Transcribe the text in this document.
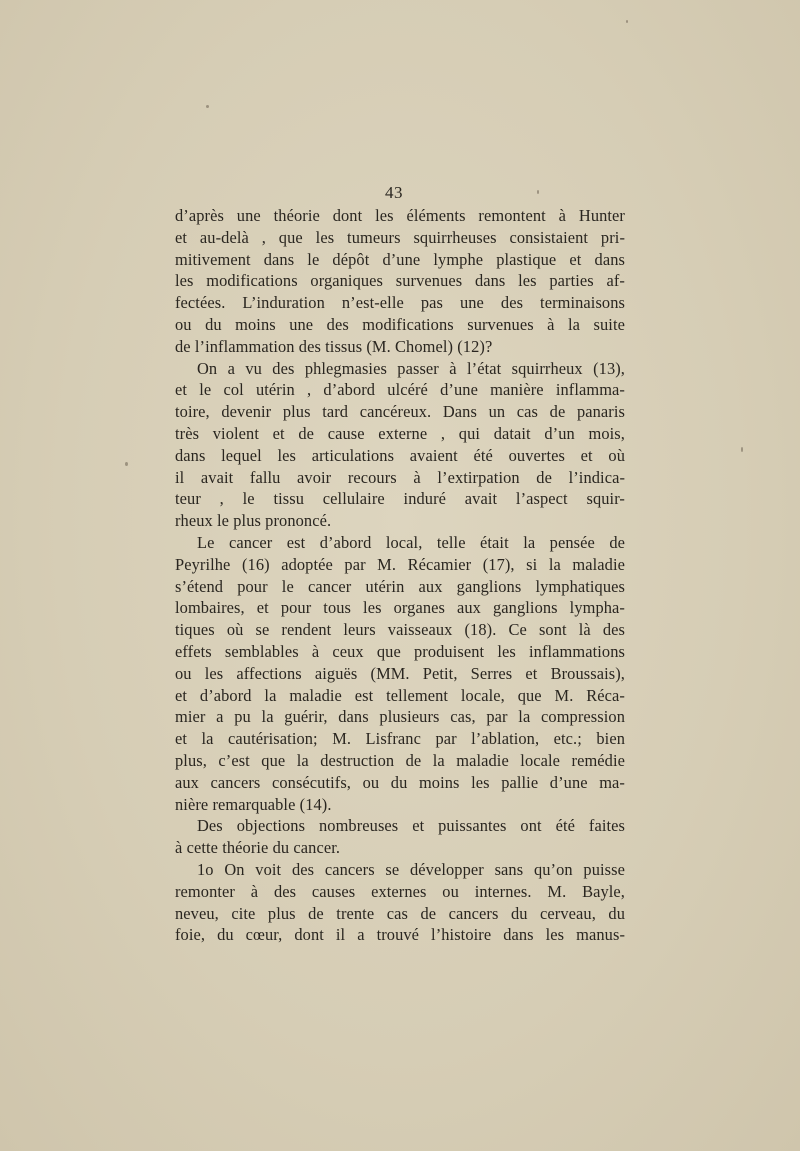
43
d’après une théorie dont les éléments remontent à Hunter
et au-delà , que les tumeurs squirrheuses consistaient pri-
mitivement dans le dépôt d’une lymphe plastique et dans
les modifications organiques survenues dans les parties af-
fectées. L’induration n’est-elle pas une des terminaisons
ou du moins une des modifications survenues à la suite
de l’inflammation des tissus (M. Chomel) (12)?
On a vu des phlegmasies passer à l’état squirrheux (13),
et le col utérin , d’abord ulcéré d’une manière inflamma-
toire, devenir plus tard cancéreux. Dans un cas de panaris
très violent et de cause externe , qui datait d’un mois,
dans lequel les articulations avaient été ouvertes et où
il avait fallu avoir recours à l’extirpation de l’indica-
teur , le tissu cellulaire induré avait l’aspect squir-
rheux le plus prononcé.
Le cancer est d’abord local, telle était la pensée de
Peyrilhe (16) adoptée par M. Récamier (17), si la maladie
s’étend pour le cancer utérin aux ganglions lymphatiques
lombaires, et pour tous les organes aux ganglions lympha-
tiques où se rendent leurs vaisseaux (18). Ce sont là des
effets semblables à ceux que produisent les inflammations
ou les affections aiguës (MM. Petit, Serres et Broussais),
et d’abord la maladie est tellement locale, que M. Réca-
mier a pu la guérir, dans plusieurs cas, par la compression
et la cautérisation; M. Lisfranc par l’ablation, etc.; bien
plus, c’est que la destruction de la maladie locale remédie
aux cancers consécutifs, ou du moins les pallie d’une ma-
nière remarquable (14).
Des objections nombreuses et puissantes ont été faites
à cette théorie du cancer.
1o On voit des cancers se développer sans qu’on puisse
remonter à des causes externes ou internes. M. Bayle,
neveu, cite plus de trente cas de cancers du cerveau, du
foie, du cœur, dont il a trouvé l’histoire dans les manus-
